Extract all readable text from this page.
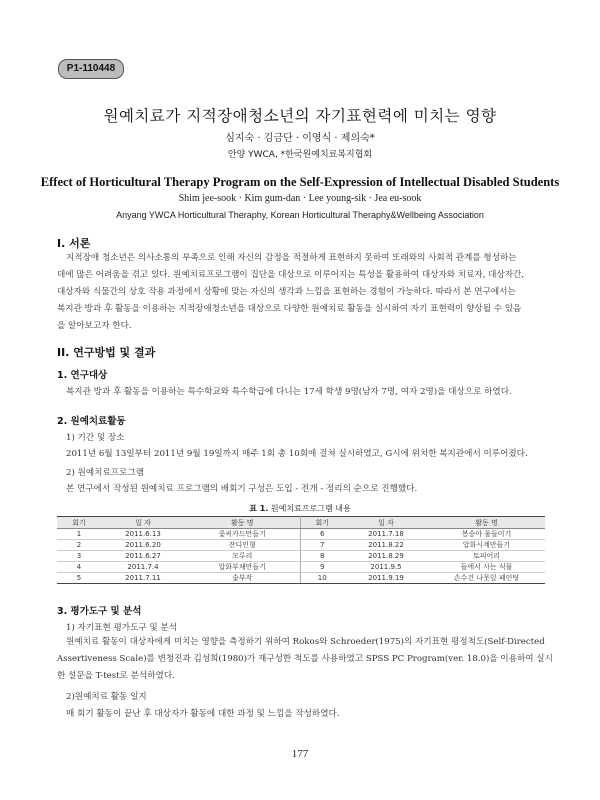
P1-110448
원예치료가 지적장애청소년의 자기표현력에 미치는 영향
심지숙 · 김금단 · 이영식 · 제의숙*
안양 YWCA, *한국원예치료복지협회
Effect of Horticultural Therapy Program on the Self-Expression of Intellectual Disabled Students
Shim jee-sook · Kim gum-dan · Lee young-sik · Jea eu-sook
Anyang YWCA Horticultural Theraphy, Korean Horticultural Theraphy&Wellbeing Association
I. 서론
지적장애 청소년은 의사소통의 부족으로 인해 자신의 감정을 적절하게 표현하지 못하여 또래와의 사회적 관계를 형성하는
데에 많은 어려움을 겪고 있다. 원예치료프로그램이 집단을 대상으로 이루어지는 특성을 활용하여 대상자와 치료자, 대상자간,
대상자와 식물간의 상호 작용 과정에서 상황에 맞는 자신의 생각과 느낌을 표현하는 경험이 가능하다. 따라서 본 연구에서는
복지관 방과 후 활동을 이용하는 지적장애청소년을 대상으로 다양한 원예치료 활동을 실시하여 자기 표현력이 향상될 수 있음
을 알아보고자 한다.
II. 연구방법 및 결과
1. 연구대상
복지관 방과 후 활동을 이용하는 특수학교와 특수학급에 다니는 17세 학생 9명(남자 7명, 여자 2명)을 대상으로 하였다.
2. 원예치료활동
1) 기간 및 장소
2011년 6월 13일부터 2011년 9월 19일까지 매주 1회 총 10회에 걸쳐 실시하였고, G시에 위치한 복지관에서 이루어졌다.
2) 원예치료프로그램
본 연구에서 작성된 원예치료 프로그램의 배회기 구성은 도입 - 전개 - 정리의 순으로 진행했다.
표 1. 원예치료프로그램 내용
회기	일 자	활동 명	회기	일 자	활동 명
1	2011.6.13	꽃씨카드만들기	6	2011.7.18	봉숭아 물들이기
2	2011.6.20	잔디인형	7	2011.8.22	압화시계만들기
3	2011.6.27	모루리	8	2011.8.29	토피어리
4	2011.7.4	압화부채만들기	9	2011.9.5	들에서 사는 식물
5	2011.7.11	숯부작	10	2011.9.19	손수건 나뭇잎 페인팅
3. 평가도구 및 분석
1) 자기표현 평가도구 및 분석
원예치료 활동이 대상자에게 미치는 영향을 측정하기 위하여 Rokos와 Schroeder(1975)의 자기표현 평정척도(Self-Directed
Assertiveness Scale)를 변청진과 김성희(1980)가 재구성한 척도를 사용하였고 SPSS PC Program(ver. 18.0)을 이용하여 실시
한 설문을 T-test로 분석하였다.
2)원예치료 활동 일지
매 회기 활동이 끝난 후 대상자가 활동에 대한 과정 및 느낌을 작성하였다.
177
